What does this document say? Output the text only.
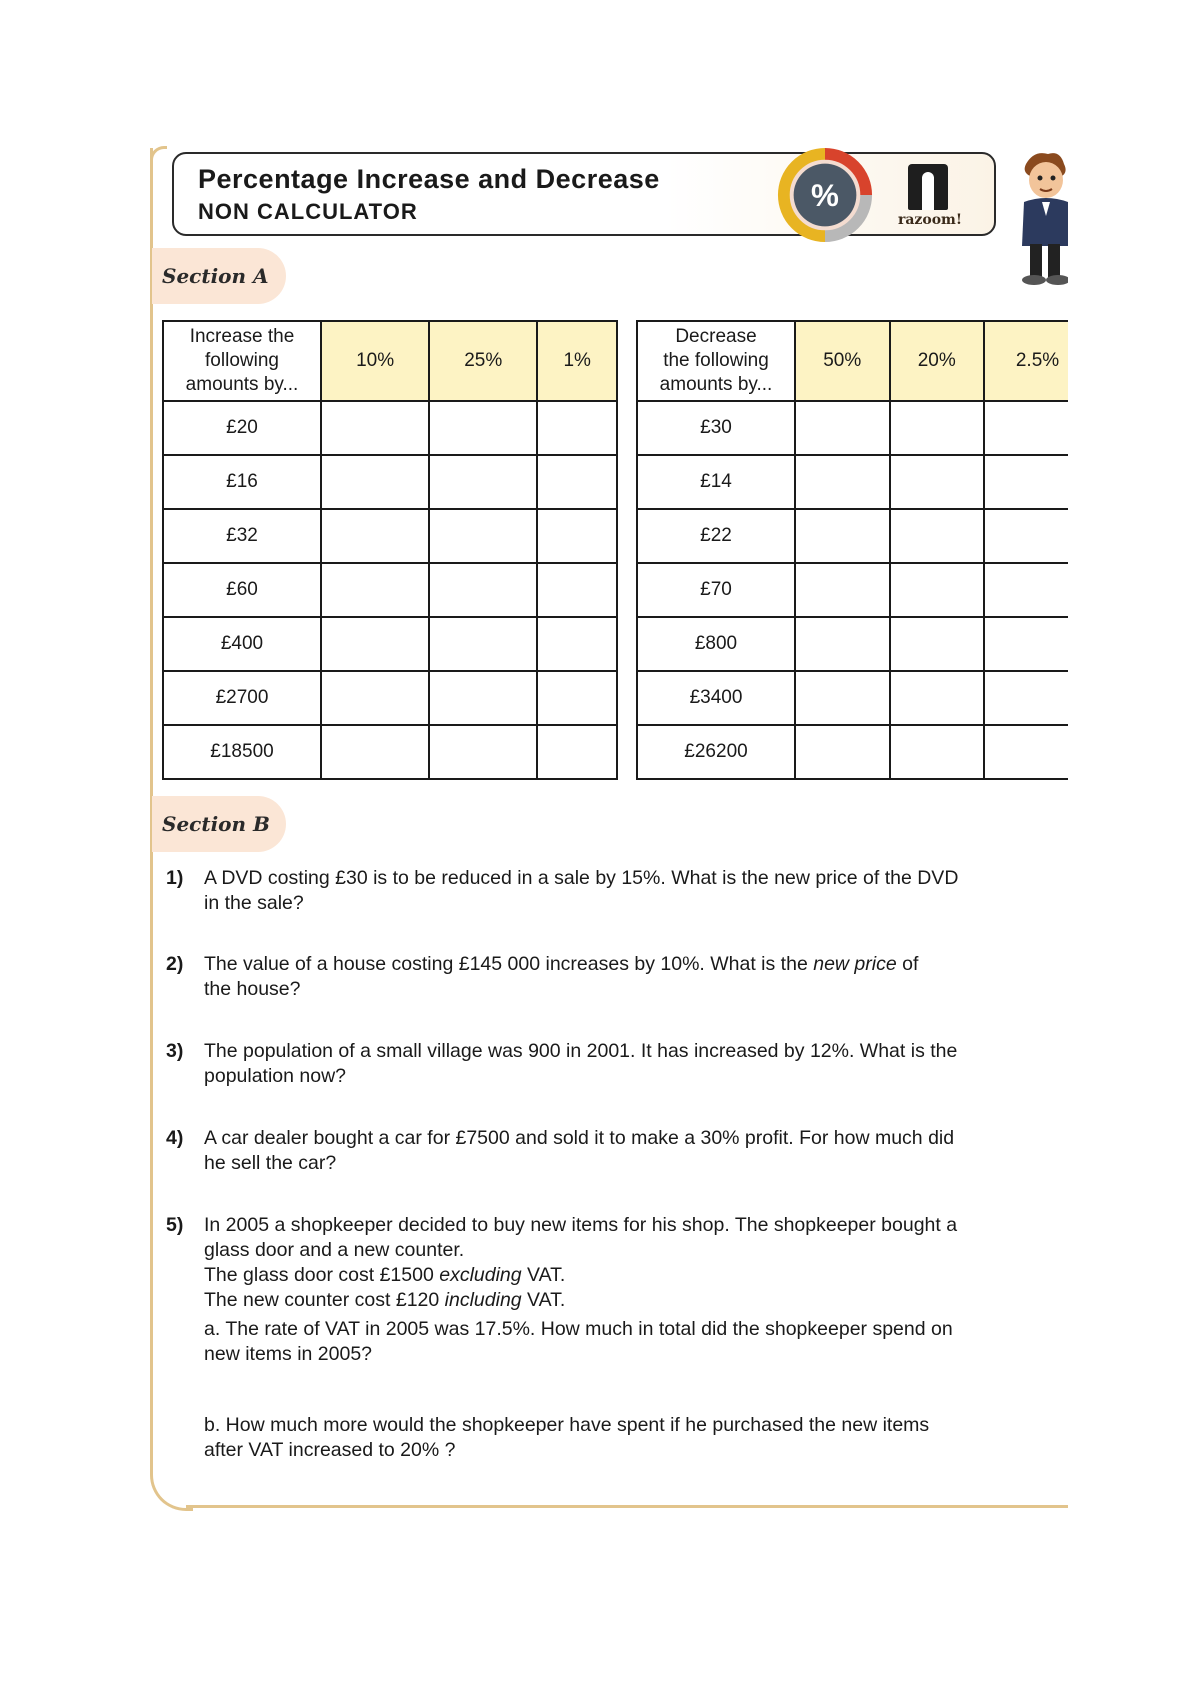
Percentage Increase and Decrease
NON CALCULATOR	%
razoom!
Section A
Increase the
following
amounts by...	10%	25%	1%
£20			
£16			
£32			
£60			
£400			
£2700			
£18500			
Decrease
the following
amounts by...	50%	20%	2.5%
£30			
£14			
£22			
£70			
£800			
£3400			
£26200			
Section B
1) A DVD costing £30 is to be reduced in a sale by 15%. What is the new price of the DVD
in the sale?
2) The value of a house costing £145 000 increases by 10%. What is the new price of
the house?
3) The population of a small village was 900 in 2001. It has increased by 12%. What is the
population now?
4) A car dealer bought a car for £7500 and sold it to make a 30% profit. For how much did
he sell the car?
5) In 2005 a shopkeeper decided to buy new items for his shop. The shopkeeper bought a
glass door and a new counter.
The glass door cost £1500 excluding VAT.
The new counter cost £120 including VAT.
a. The rate of VAT in 2005 was 17.5%. How much in total did the shopkeeper spend on
new items in 2005?
b. How much more would the shopkeeper have spent if he purchased the new items
after VAT increased to 20% ?
